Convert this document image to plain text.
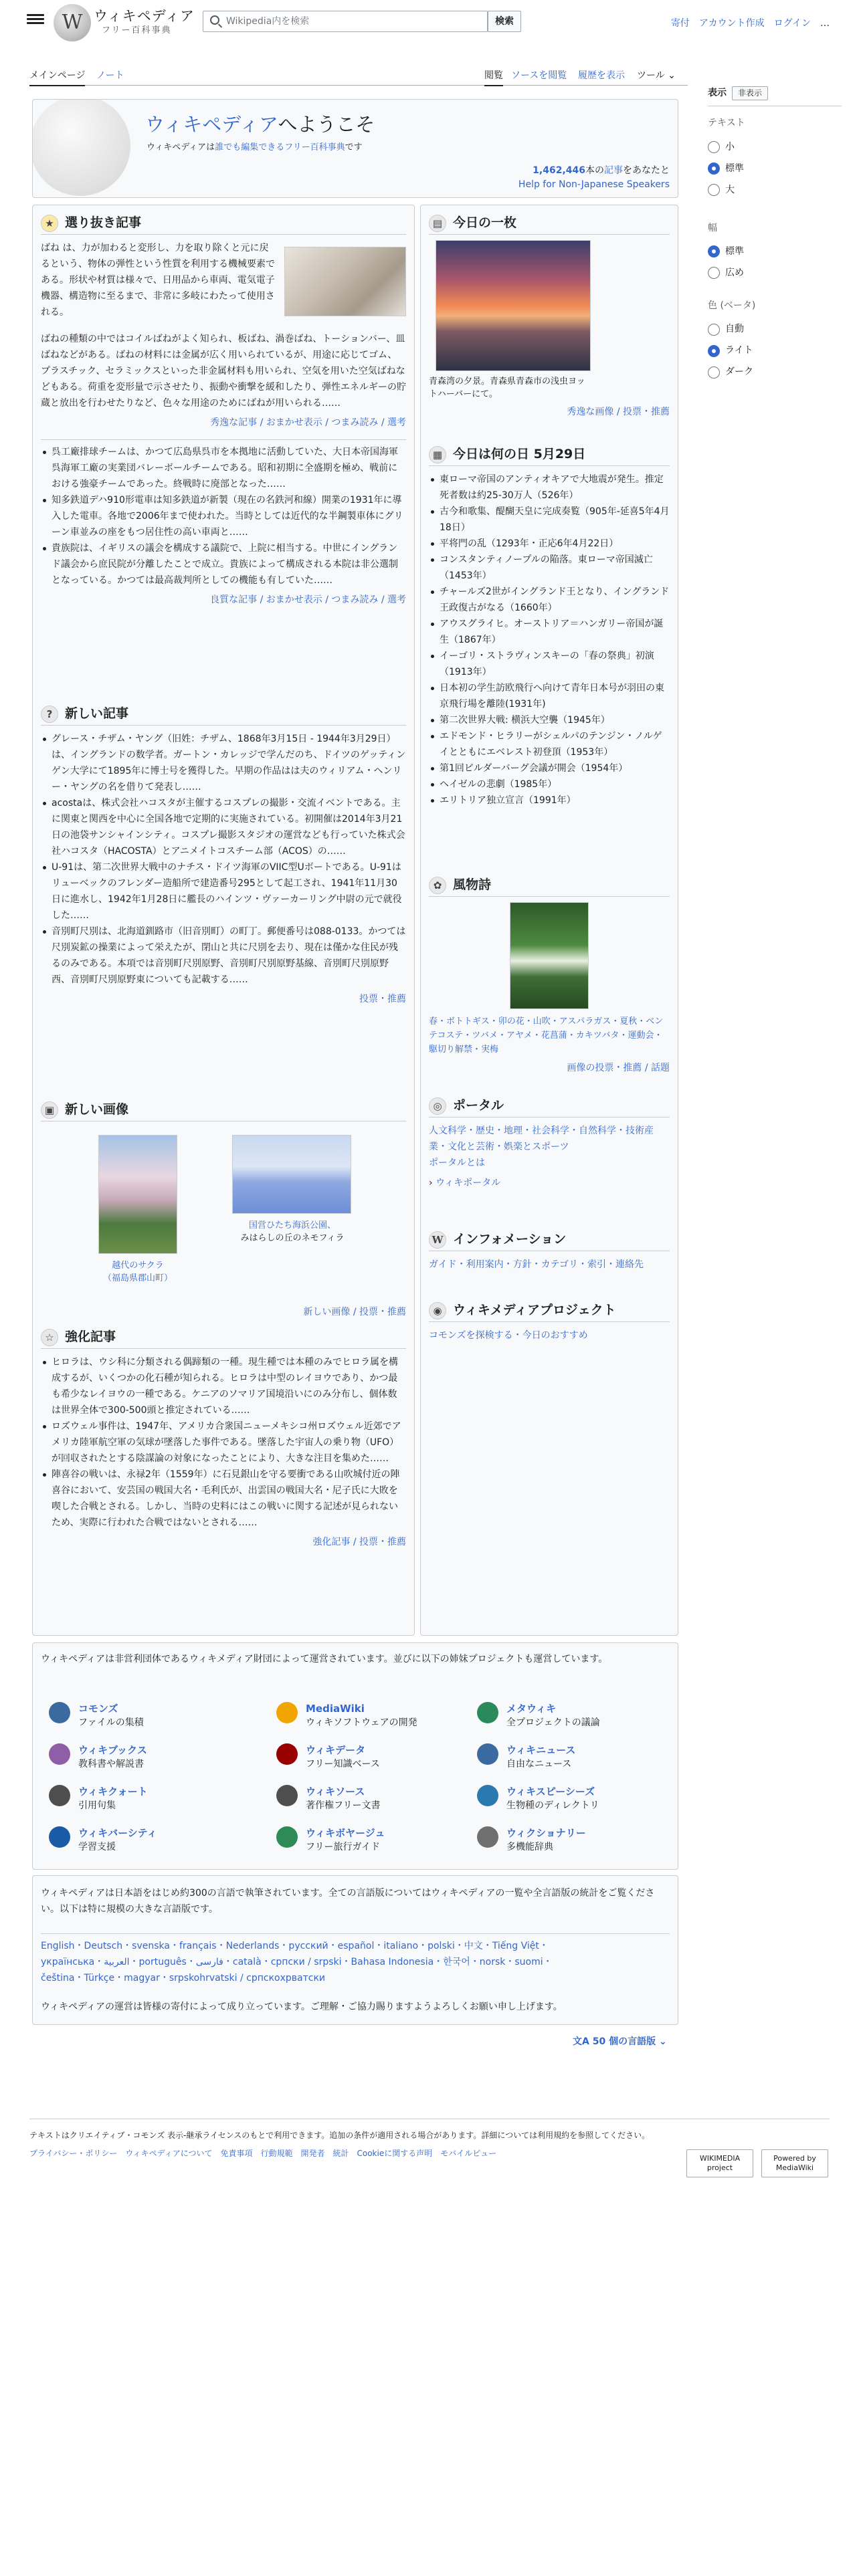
W ウィキペディア
フリー百科事典
Wikipedia内を検索	検索	寄付 アカウント作成 ログイン …
メインページ ノート	閲覧 ソースを閲覧 履歴を表示 ツール ⌄
表示 非表示
テキスト
小
標準
大
幅
標準
広め
色 (ベータ)
自動
ライト
ダーク
ウィキペディアへようこそ
ウィキペディアは誰でも編集できるフリー百科事典です
1,462,446本の記事をあなたと
Help for Non-Japanese Speakers
★ 選り抜き記事
ばね は、力が加わると変形し、力を取り除くと元に戻るという、物体の弾性という性質を利用する機械要素である。形状や材質は様々で、日用品から車両、電気電子機器、構造物に至るまで、非常に多岐にわたって使用される。
ばねの種類の中ではコイルばねがよく知られ、板ばね、渦巻ばね、トーションバー、皿ばねなどがある。ばねの材料には金属が広く用いられているが、用途に応じてゴム、プラスチック、セラミックスといった非金属材料も用いられ、空気を用いた空気ばねなどもある。荷重を変形量で示させたり、振動や衝撃を緩和したり、弾性エネルギーの貯蔵と放出を行わせたりなど、色々な用途のためにばねが用いられる……
秀逸な記事 / おまかせ表示 / つまみ読み / 選考
呉工廠排球チームは、かつて広島県呉市を本拠地に活動していた、大日本帝国海軍呉海軍工廠の実業団バレーボールチームである。昭和初期に全盛期を極め、戦前における強豪チームであった。終戦時に廃部となった……
知多鉄道デハ910形電車は知多鉄道が新製（現在の名鉄河和線）開業の1931年に導入した電車。各地で2006年まで使われた。当時としては近代的な半鋼製車体にグリーン車並みの座をもつ居住性の高い車両と……
貴族院は、イギリスの議会を構成する議院で、上院に相当する。中世にイングランド議会から庶民院が分離したことで成立。貴族によって構成される本院は非公選制となっている。かつては最高裁判所としての機能も有していた……
良質な記事 / おまかせ表示 / つまみ読み / 選考
? 新しい記事
グレース・チザム・ヤング（旧姓：チザム、1868年3月15日 - 1944年3月29日）は、イングランドの数学者。ガートン・カレッジで学んだのち、ドイツのゲッティンゲン大学にて1895年に博士号を獲得した。早期の作品はは夫のウィリアム・ヘンリー・ヤングの名を借りて発表し……
acostaは、株式会社ハコスタが主催するコスプレの撮影・交流イベントである。主に関東と関西を中心に全国各地で定期的に実施されている。初開催は2014年3月21日の池袋サンシャインシティ。コスプレ撮影スタジオの運営なども行っていた株式会社ハコスタ（HACOSTA）とアニメイトコスチーム部（ACOS）の……
U-91は、第二次世界大戦中のナチス・ドイツ海軍のVIIC型Uボートである。U-91はリューベックのフレンダー造船所で建造番号295として起工され、1941年11月30日に進水し、1942年1月28日に艦長のハインツ・ヴァーカーリング中尉の元で就役した……
音別町尺別は、北海道釧路市（旧音別町）の町丁。郵便番号は088-0133。かつては尺別炭鉱の操業によって栄えたが、閉山と共に尺別を去り、現在は僅かな住民が残るのみである。本項では音別町尺別原野、音別町尺別原野基線、音別町尺別原野西、音別町尺別原野東についても記載する……
投票・推薦
▣ 新しい画像
越代のサクラ
（福島県郡山町）
国営ひたち海浜公園、
みはらしの丘のネモフィラ
新しい画像 / 投票・推薦
☆ 強化記事
ヒロラは、ウシ科に分類される偶蹄類の一種。現生種では本種のみでヒロラ属を構成するが、いくつかの化石種が知られる。ヒロラは中型のレイヨウであり、かつ最も希少なレイヨウの一種である。ケニアのソマリア国境沿いにのみ分布し、個体数は世界全体で300-500頭と推定されている……
ロズウェル事件は、1947年、アメリカ合衆国ニューメキシコ州ロズウェル近郊でアメリカ陸軍航空軍の気球が墜落した事件である。墜落した宇宙人の乗り物（UFO）が回収されたとする陰謀論の対象になったことにより、大きな注目を集めた……
陣喜谷の戦いは、永禄2年（1559年）に石見銀山を守る要衝である山吹城付近の陣喜谷において、安芸国の戦国大名・毛利氏が、出雲国の戦国大名・尼子氏に大敗を喫した合戦とされる。しかし、当時の史料にはこの戦いに関する記述が見られないため、実際に行われた合戦ではないとされる……
強化記事 / 投票・推薦
▤ 今日の一枚
青森湾の夕景。青森県青森市の浅虫ヨットハーバーにて。
秀逸な画像 / 投票・推薦
▦ 今日は何の日 5月29日
東ローマ帝国のアンティオキアで大地震が発生。推定死者数は約25-30万人（526年）
古今和歌集、醍醐天皇に完成奏覧（905年-延喜5年4月18日）
平将門の乱（1293年・正応6年4月22日）
コンスタンティノープルの陥落。東ローマ帝国滅亡（1453年）
チャールズ2世がイングランド王となり、イングランド王政復古がなる（1660年）
アウスグライヒ。オーストリア＝ハンガリー帝国が誕生（1867年）
イーゴリ・ストラヴィンスキーの「春の祭典」初演（1913年）
日本初の学生訪欧飛行へ向けて青年日本号が羽田の東京飛行場を離陸(1931年)
第二次世界大戦: 横浜大空襲（1945年）
エドモンド・ヒラリーがシェルパのテンジン・ノルゲイとともにエベレスト初登頂（1953年）
第1回ビルダーバーグ会議が開会（1954年）
ヘイゼルの悲劇（1985年）
エリトリア独立宣言（1991年）
✿ 風物詩
春・ボトトギス・卯の花・山吹・アスパラガス・夏秋・ベンテコステ・ツバメ・アヤメ・花菖蒲・カキツバタ・運動会・駆切り解禁・実梅
画像の投票・推薦 / 話題
◎ ポータル
人文科学・歴史・地理・社会科学・自然科学・技術産業・文化と芸術・娯楽とスポーツ
ポータルとは
› ウィキポータル
W インフォメーション
ガイド・利用案内・方針・カテゴリ・索引・連絡先
◉ ウィキメディアプロジェクト
コモンズを探検する・今日のおすすめ
ウィキペディアは非営利団体であるウィキメディア財団によって運営されています。並びに以下の姉妹プロジェクトも運営しています。
コモンズ
ファイルの集積
MediaWiki
ウィキソフトウェアの開発
メタウィキ
全プロジェクトの議論
ウィキブックス
教科書や解説書
ウィキデータ
フリー知識ベース
ウィキニュース
自由なニュース
ウィキクォート
引用句集
ウィキソース
著作権フリー文書
ウィキスピーシーズ
生物種のディレクトリ
ウィキバーシティ
学習支援
ウィキボヤージュ
フリー旅行ガイド
ウィクショナリー
多機能辞典
ウィキペディアは日本語をはじめ約300の言語で執筆されています。全ての言語版についてはウィキペディアの一覧や全言語版の統計をご覧ください。以下は特に規模の大きな言語版です。
English・Deutsch・svenska・français・Nederlands・русский・español・italiano・polski・中文・Tiếng Việt・
українська・العربية・português・فارسی・català・српски / srpski・Bahasa Indonesia・한국어・norsk・suomi・
čeština・Türkçe・magyar・srpskohrvatski / српскохрватски
ウィキペディアの運営は皆様の寄付によって成り立っています。ご理解・ご協力賜りますようよろしくお願い申し上げます。
文A 50 個の言語版 ⌄
テキストはクリエイティブ・コモンズ 表示-継承ライセンスのもとで利用できます。追加の条件が適用される場合があります。詳細については利用規約を参照してください。
プライバシー・ポリシー　ウィキペディアについて　免責事項　行動規範　開発者　統計　Cookieに関する声明　モバイルビュー
WIKIMEDIA project
Powered by MediaWiki
